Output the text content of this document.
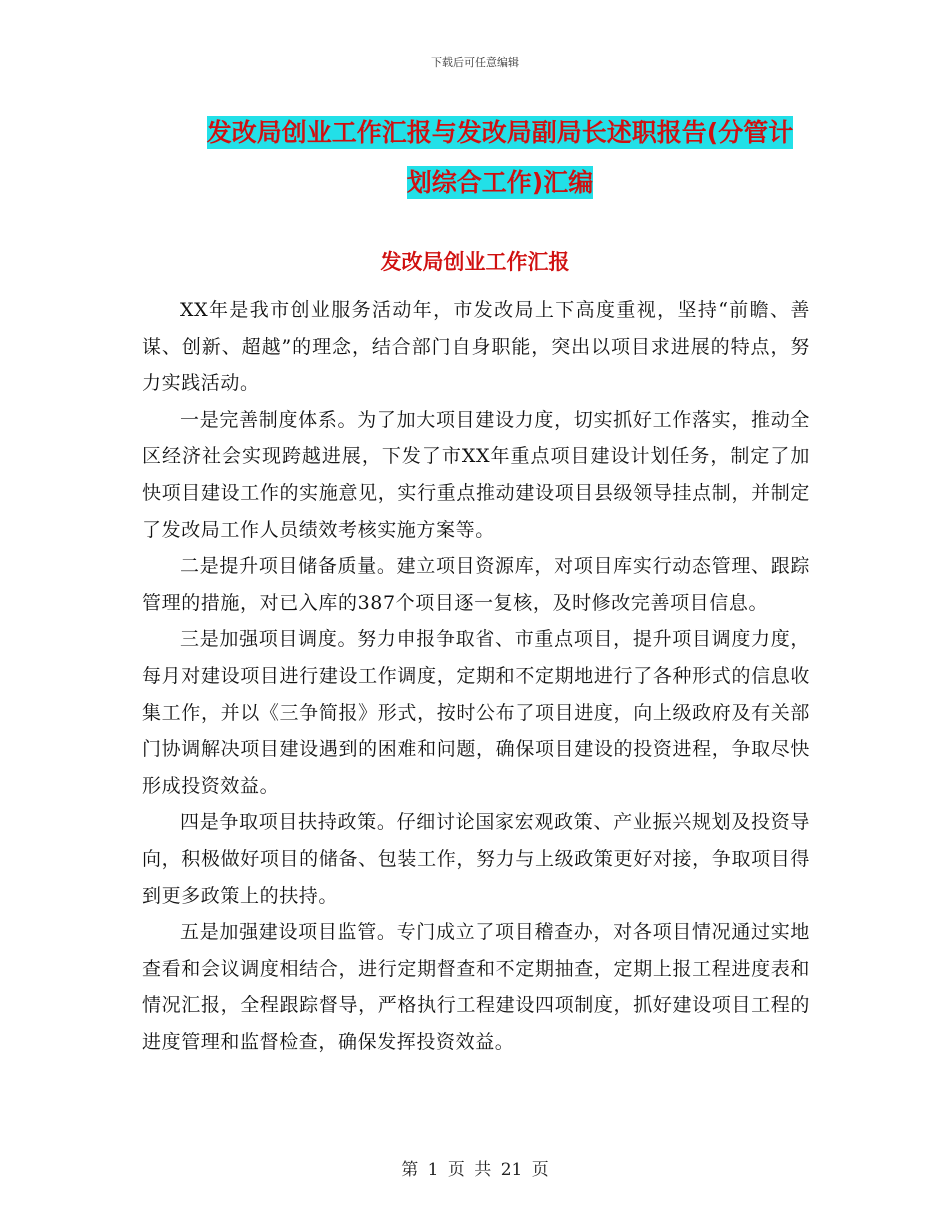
下载后可任意编辑
发改局创业工作汇报与发改局副局长述职报告(分管计
划综合工作)汇编
发改局创业工作汇报

XX年是我市创业服务活动年，市发改局上下高度重视，坚持“前瞻、善谋、创新、超越”的理念，结合部门自身职能，突出以项目求进展的特点，努力实践活动。

一是完善制度体系。为了加大项目建设力度，切实抓好工作落实，推动全区经济社会实现跨越进展，下发了市XX年重点项目建设计划任务，制定了加快项目建设工作的实施意见，实行重点推动建设项目县级领导挂点制，并制定了发改局工作人员绩效考核实施方案等。

二是提升项目储备质量。建立项目资源库，对项目库实行动态管理、跟踪管理的措施，对已入库的387个项目逐一复核，及时修改完善项目信息。

三是加强项目调度。努力申报争取省、市重点项目，提升项目调度力度，每月对建设项目进行建设工作调度，定期和不定期地进行了各种形式的信息收集工作，并以《三争简报》形式，按时公布了项目进度，向上级政府及有关部门协调解决项目建设遇到的困难和问题，确保项目建设的投资进程，争取尽快形成投资效益。

四是争取项目扶持政策。仔细讨论国家宏观政策、产业振兴规划及投资导向，积极做好项目的储备、包装工作，努力与上级政策更好对接，争取项目得到更多政策上的扶持。

五是加强建设项目监管。专门成立了项目稽查办，对各项目情况通过实地查看和会议调度相结合，进行定期督查和不定期抽查，定期上报工程进度表和情况汇报，全程跟踪督导，严格执行工程建设四项制度，抓好建设项目工程的进度管理和监督检查，确保发挥投资效益。

第 1 页 共 21 页
